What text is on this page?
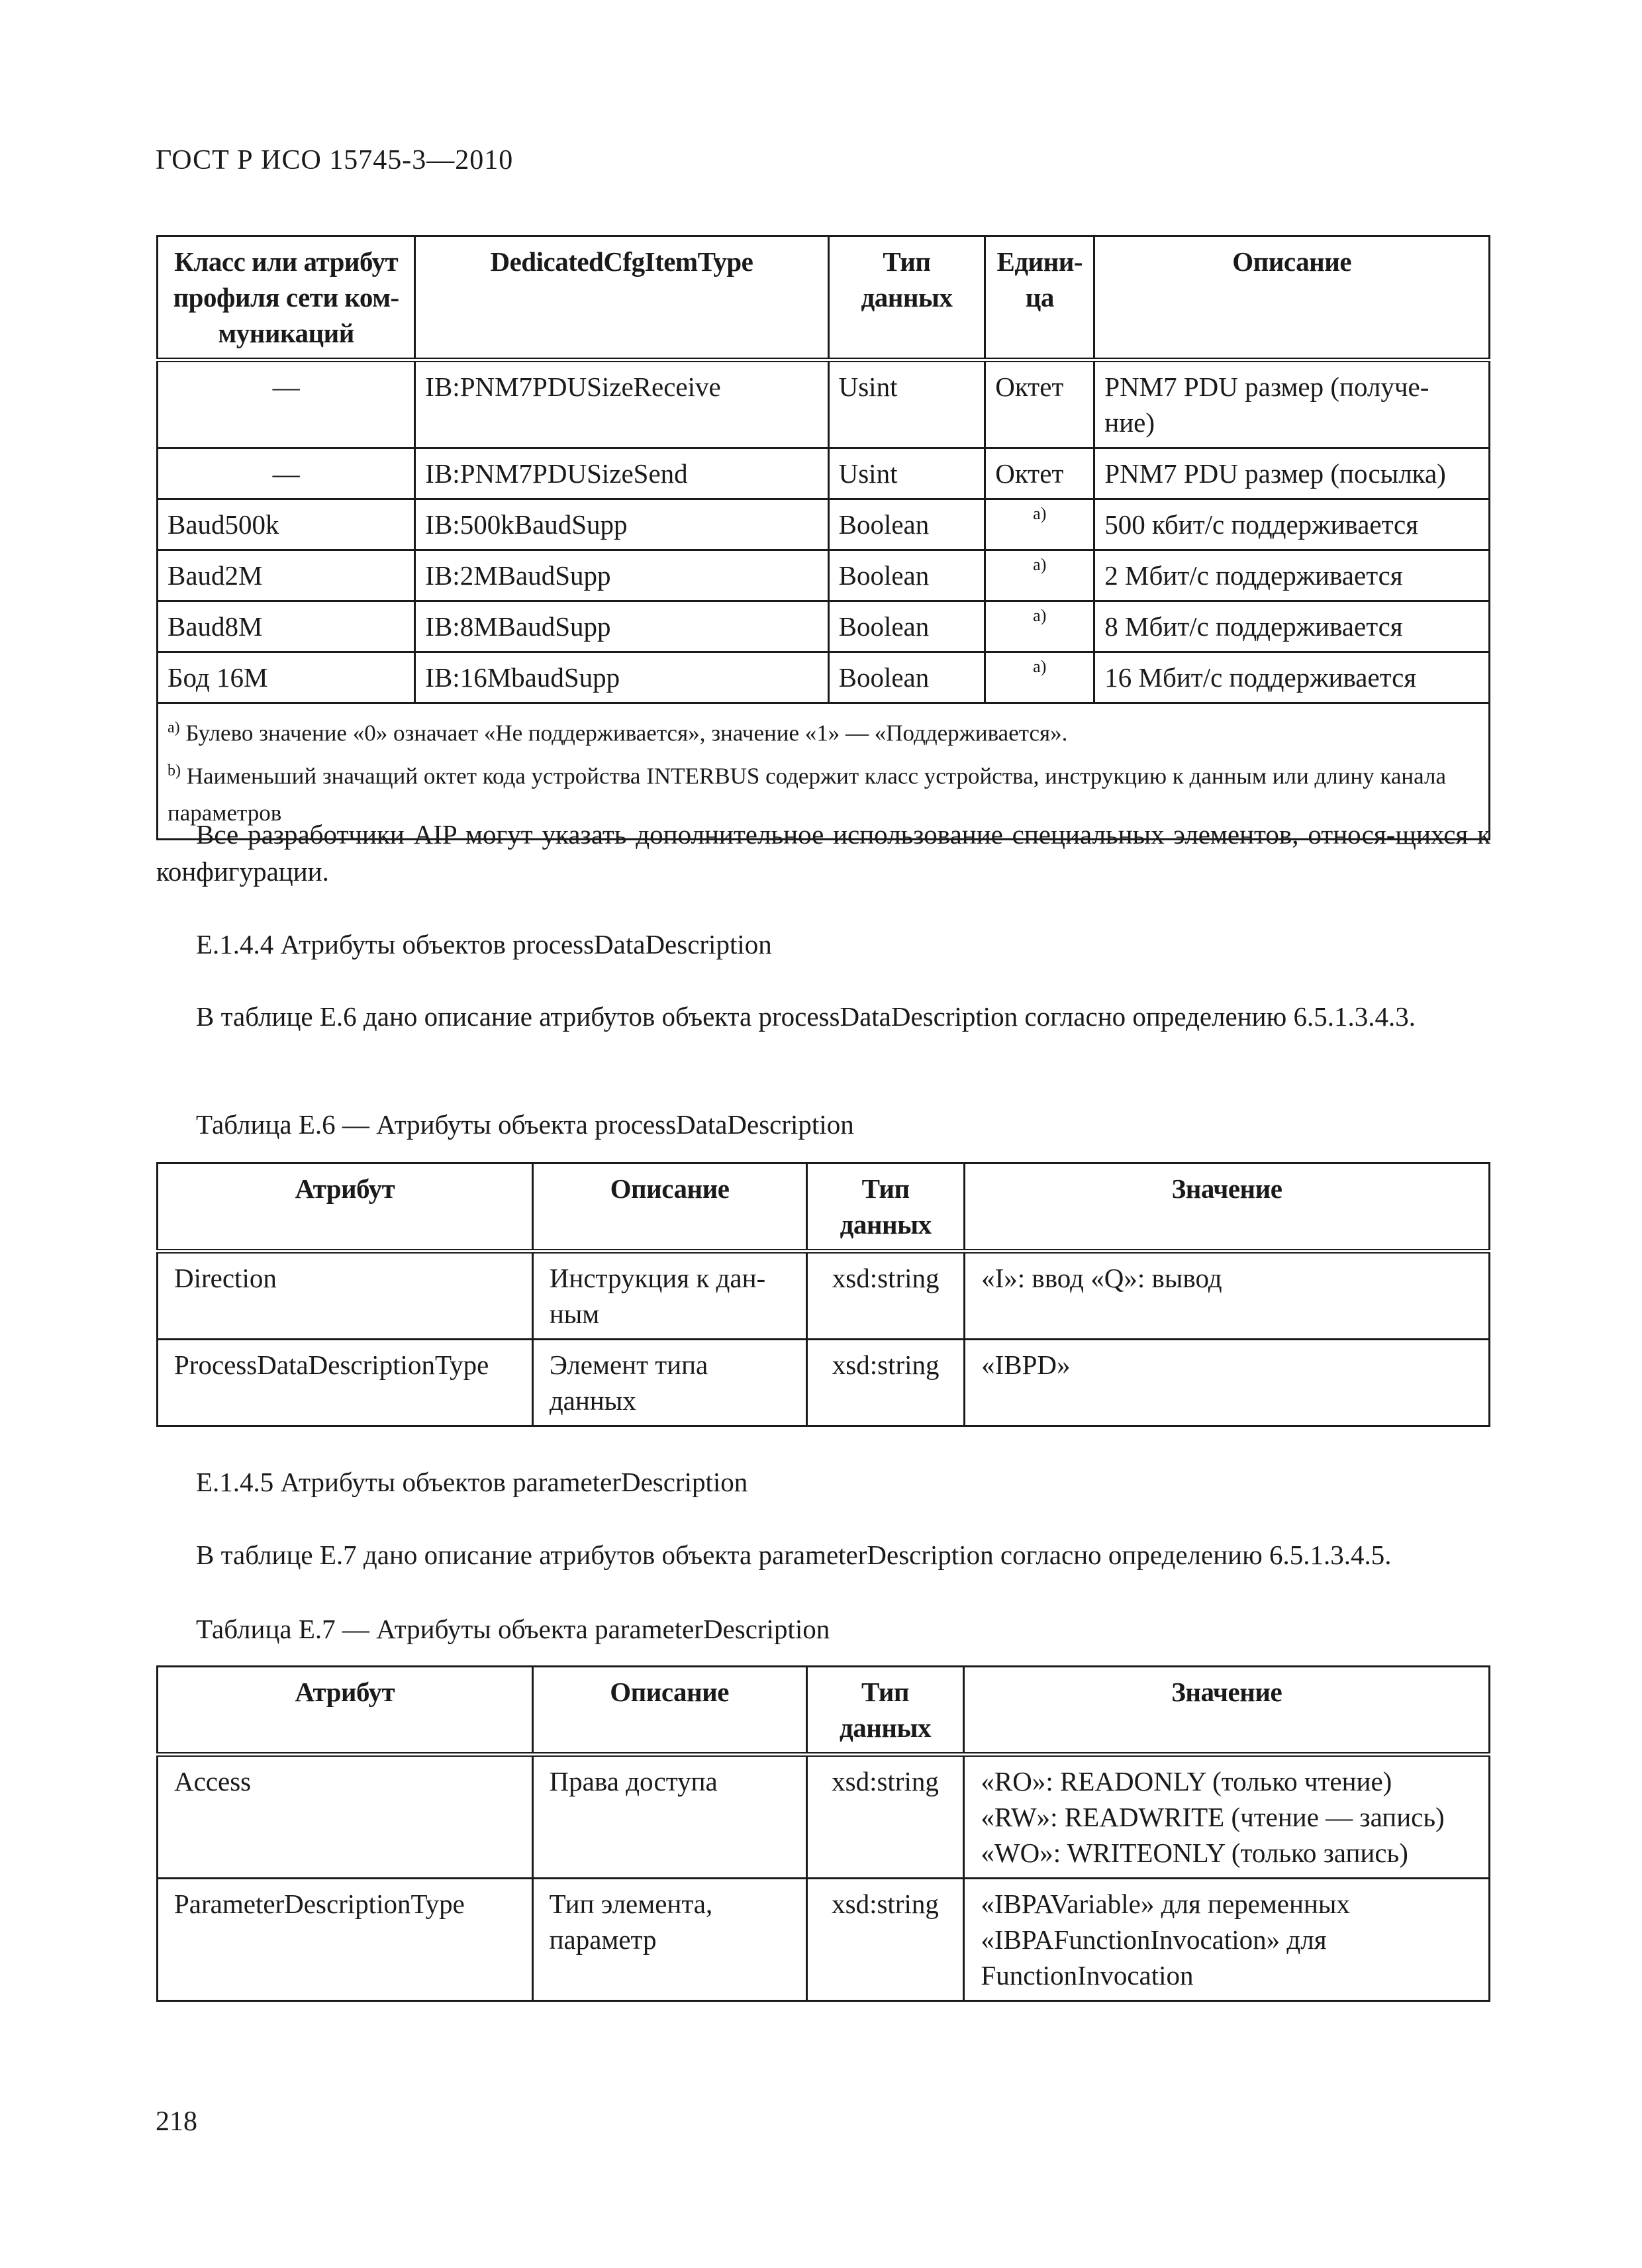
ГОСТ Р ИСО 15745-3—2010
Класс или атрибут профиля сети ком-муникаций	DedicatedCfgItemType	Тип данных	Едини-ца	Описание
—	IB:PNM7PDUSizeReceive	Usint	Октет	PNM7 PDU размер (получе-ние)
—	IB:PNM7PDUSizeSend	Usint	Октет	PNM7 PDU размер (посылка)
Baud500k	IB:500kBaudSupp	Boolean	a)	500 кбит/с поддерживается
Baud2M	IB:2MBaudSupp	Boolean	a)	2 Мбит/с поддерживается
Baud8M	IB:8MBaudSupp	Boolean	a)	8 Мбит/с поддерживается
Бод 16M	IB:16MbaudSupp	Boolean	a)	16 Мбит/с поддерживается

$^{a)}$ Булево значение «0» означает «Не поддерживается», значение «1» — «Поддерживается».
$^{b)}$ Наименьший значащий октет кода устройства INTERBUS содержит класс устройства, инструкцию к данным или длину канала параметров				
Все разработчики AIP могут указать дополнительное использование специальных элементов, относя-щихся к конфигурации.
Е.1.4.4 Атрибуты объектов processDataDescription
В таблице Е.6 дано описание атрибутов объекта processDataDescription согласно определению 6.5.1.3.4.3.
Таблица Е.6 — Атрибуты объекта processDataDescription
Атрибут	Описание	Тип данных	Значение
Direction	Инструкция к дан-ным	xsd:string	«I»: ввод «Q»: вывод
ProcessDataDescriptionType	Элемент типа данных	xsd:string	«IBPD»
Е.1.4.5 Атрибуты объектов parameterDescription
В таблице Е.7 дано описание атрибутов объекта parameterDescription согласно определению 6.5.1.3.4.5.
Таблица Е.7 — Атрибуты объекта parameterDescription
Атрибут	Описание	Тип данных	Значение
Access	Права доступа	xsd:string	«RO»: READONLY (только чтение)
«RW»: READWRITE (чтение — запись)
«WO»: WRITEONLY (только запись)

ParameterDescriptionType	Тип элемента, параметр	xsd:string	«IBPAVariable» для переменных
«IBPAFunctionInvocation» для FunctionInvocation
218
